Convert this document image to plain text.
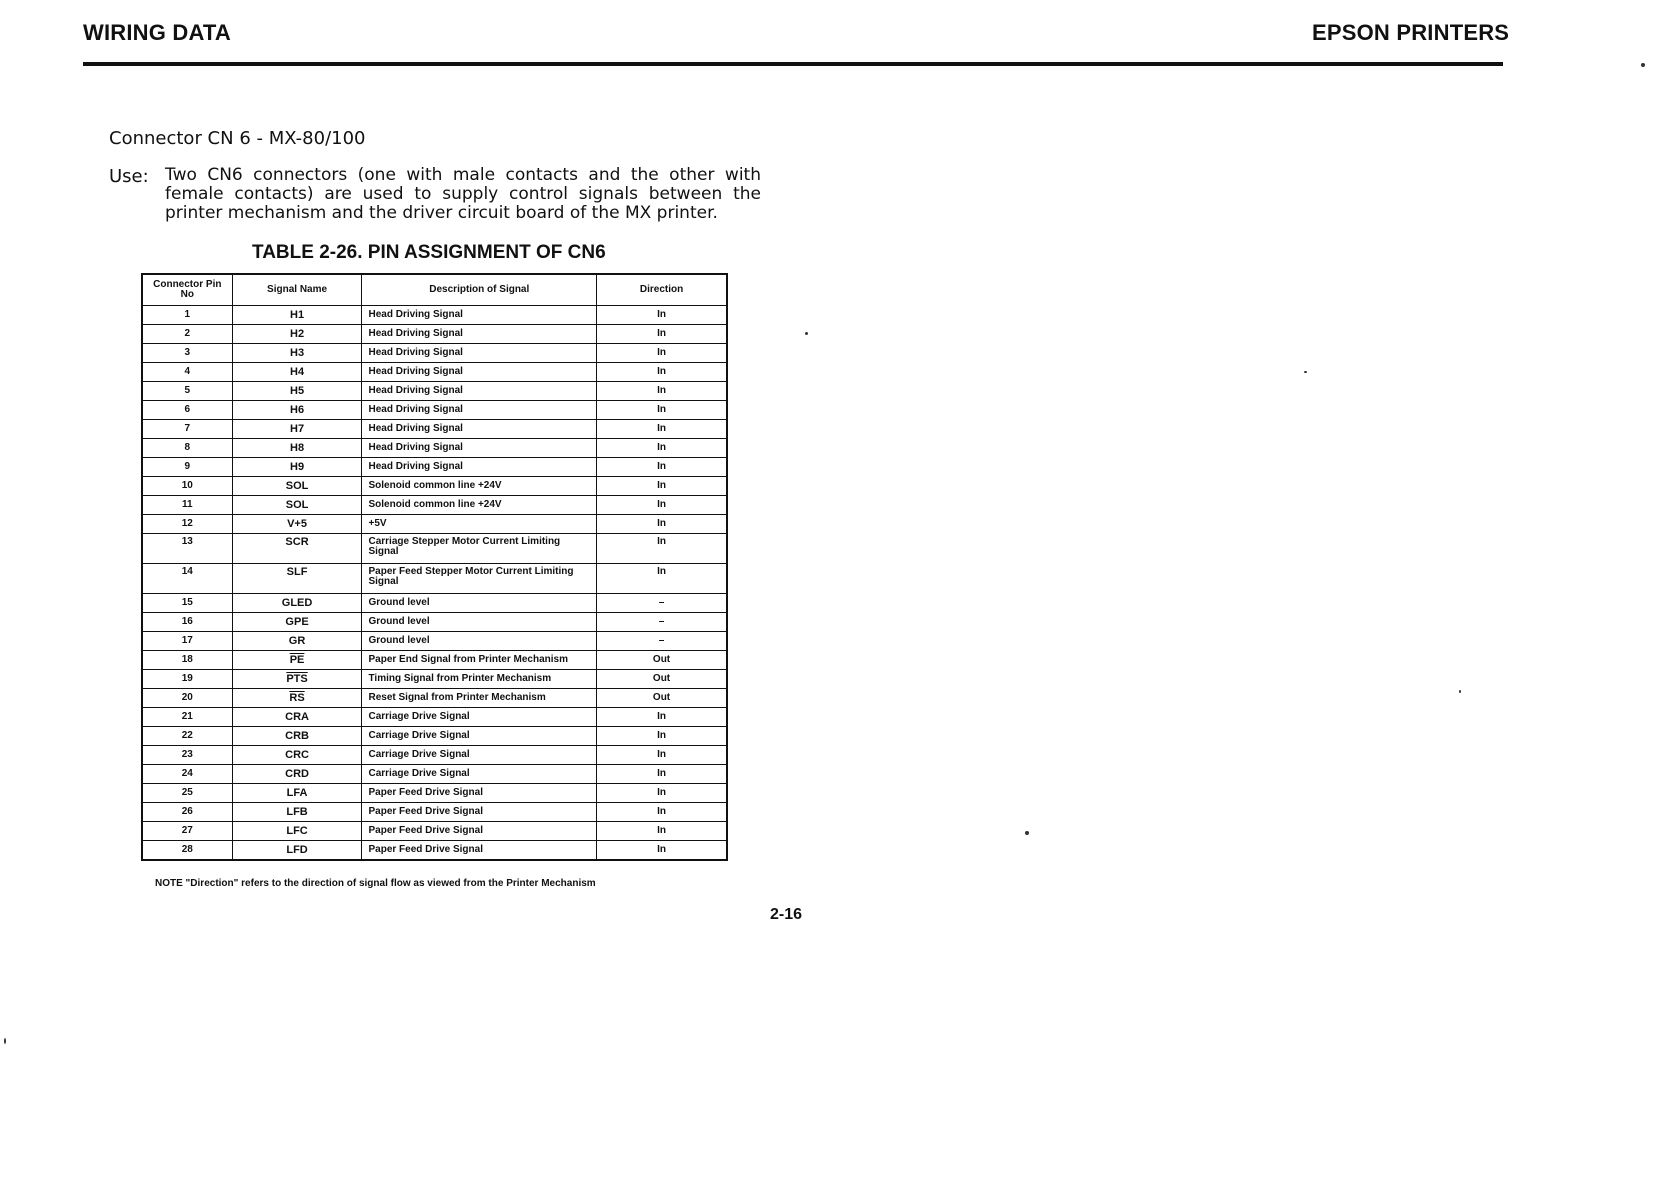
WIRING DATA	EPSON PRINTERS
Connector CN 6 - MX-80/100
Use: Two CN6 connectors (one with male contacts and the other with female contacts) are used to supply control signals between the printer mechanism and the driver circuit board of the MX printer.
TABLE 2-26. PIN ASSIGNMENT OF CN6
Connector Pin No	Signal Name	Description of Signal	Direction
1	H1	Head Driving Signal	In
2	H2	Head Driving Signal	In
3	H3	Head Driving Signal	In
4	H4	Head Driving Signal	In
5	H5	Head Driving Signal	In
6	H6	Head Driving Signal	In
7	H7	Head Driving Signal	In
8	H8	Head Driving Signal	In
9	H9	Head Driving Signal	In
10	SOL	Solenoid common line +24V	In
11	SOL	Solenoid common line +24V	In
12	V+5	+5V	In
13	SCR	Carriage Stepper Motor Current Limiting Signal	In
14	SLF	Paper Feed Stepper Motor Current Limiting Signal	In
15	GLED	Ground level	–
16	GPE	Ground level	–
17	GR	Ground level	–
18	$\overline{PE}$	Paper End Signal from Printer Mechanism	Out
19	$\overline{PTS}$	Timing Signal from Printer Mechanism	Out
20	$\overline{RS}$	Reset Signal from Printer Mechanism	Out
21	CRA	Carriage Drive Signal	In
22	CRB	Carriage Drive Signal	In
23	CRC	Carriage Drive Signal	In
24	CRD	Carriage Drive Signal	In
25	LFA	Paper Feed Drive Signal	In
26	LFB	Paper Feed Drive Signal	In
27	LFC	Paper Feed Drive Signal	In
28	LFD	Paper Feed Drive Signal	In
NOTE "Direction" refers to the direction of signal flow as viewed from the Printer Mechanism
2-16
